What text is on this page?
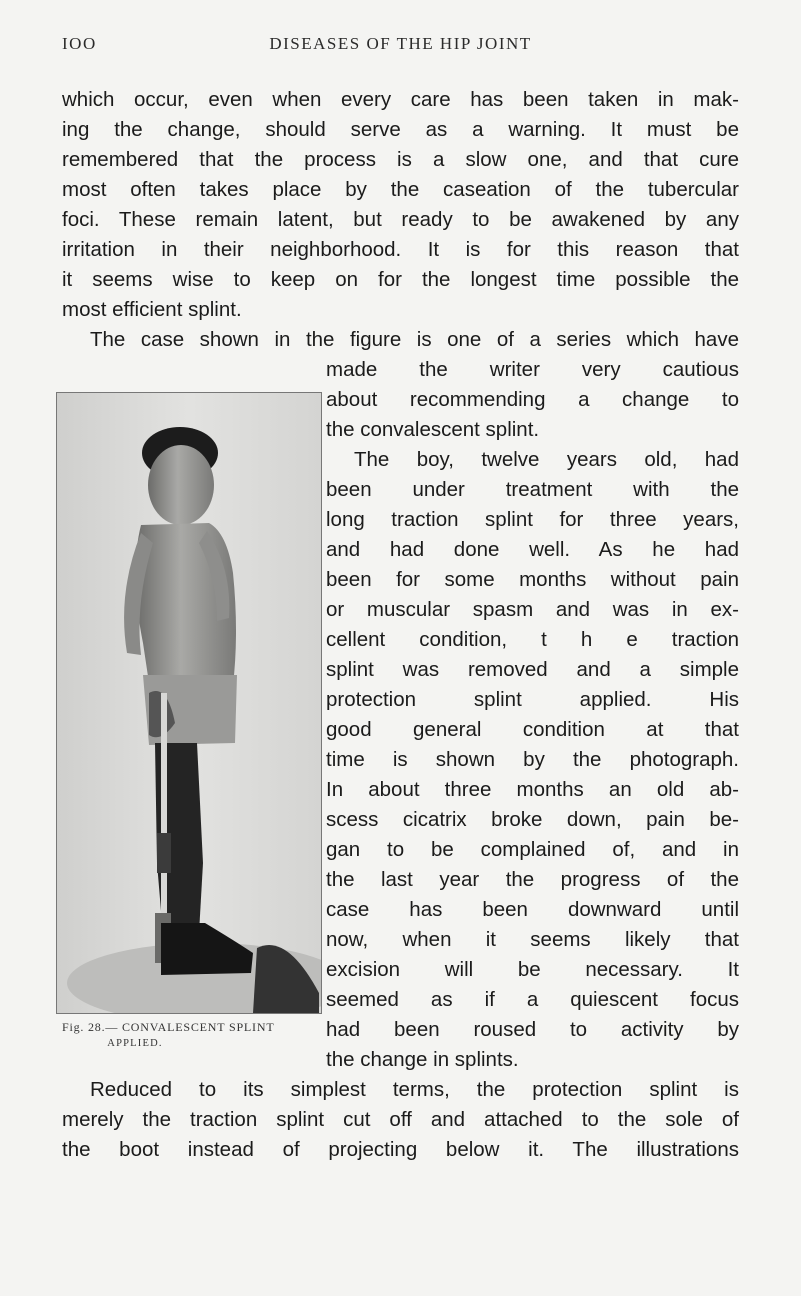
IOO	DISEASES OF THE HIP JOINT
which occur, even when every care has been taken in mak-
ing the change, should serve as a warning. It must be
remembered that the process is a slow one, and that cure
most often takes place by the caseation of the tubercular
foci. These remain latent, but ready to be awakened by any
irritation in their neighborhood. It is for this reason that
it seems wise to keep on for the longest time possible the
most efficient splint.
The case shown in the figure is one of a series which have
made the writer very cautious
about recommending a change to
the convalescent splint.
The boy, twelve years old, had
been under treatment with the
long traction splint for three years,
and had done well. As he had
been for some months without pain
or muscular spasm and was in ex-
cellent condition, t h e traction
splint was removed and a simple
protection splint applied. His
good general condition at that
time is shown by the photograph.
In about three months an old ab-
scess cicatrix broke down, pain be-
gan to be complained of, and in
the last year the progress of the
case has been downward until
now, when it seems likely that
excision will be necessary. It
seemed as if a quiescent focus
had been roused to activity by
the change in splints.
Reduced to its simplest terms, the protection splint is
merely the traction splint cut off and attached to the sole of
the boot instead of projecting below it. The illustrations
Fig. 28.— CONVALESCENT SPLINT
APPLIED.
